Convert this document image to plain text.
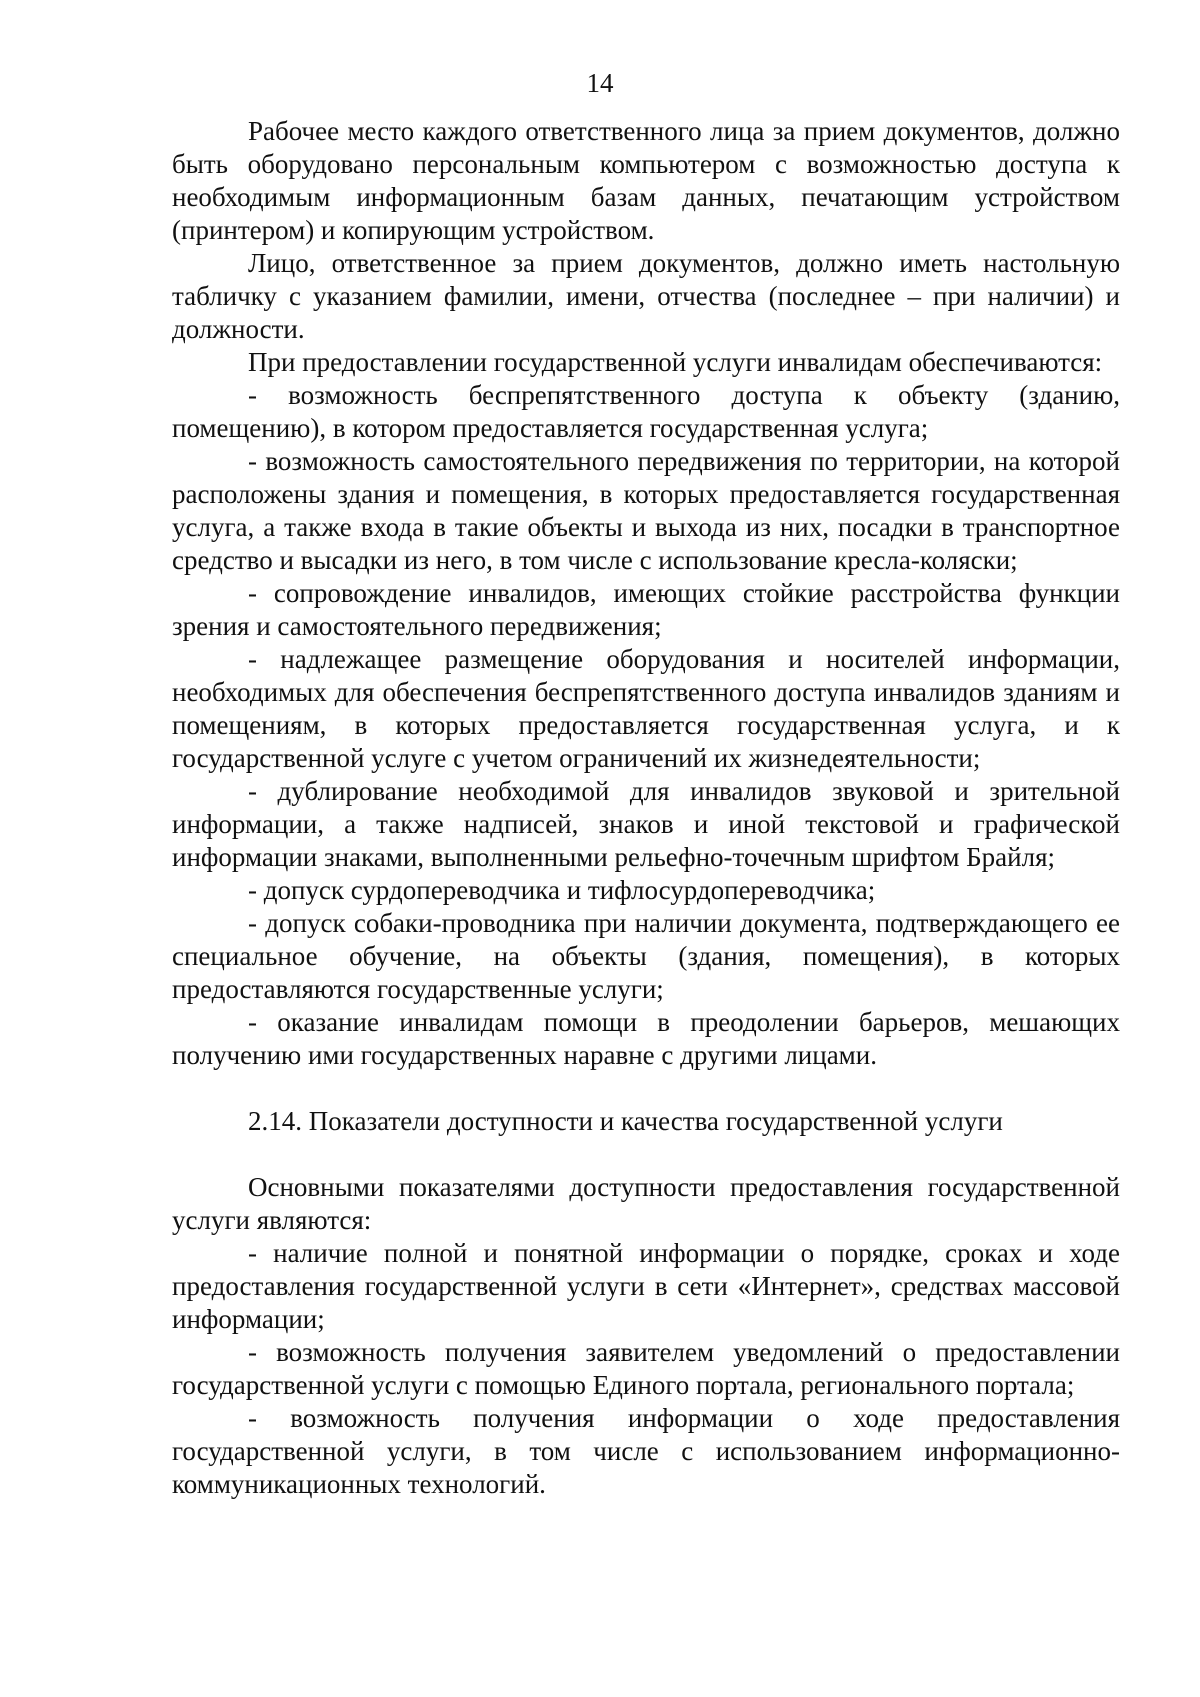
14

Рабочее место каждого ответственного лица за прием документов, должно быть оборудовано персональным компьютером с возможностью доступа к необходимым информационным базам данных, печатающим устройством (принтером) и копирующим устройством.

Лицо, ответственное за прием документов, должно иметь настольную табличку с указанием фамилии, имени, отчества (последнее – при наличии) и должности.

При предоставлении государственной услуги инвалидам обеспечиваются:

- возможность беспрепятственного доступа к объекту (зданию, помещению), в котором предоставляется государственная услуга;

- возможность самостоятельного передвижения по территории, на которой расположены здания и помещения, в которых предоставляется государственная услуга, а также входа в такие объекты и выхода из них, посадки в транспортное средство и высадки из него, в том числе с использование кресла-коляски;

- сопровождение инвалидов, имеющих стойкие расстройства функции зрения и самостоятельного передвижения;

- надлежащее размещение оборудования и носителей информации, необходимых для обеспечения беспрепятственного доступа инвалидов зданиям и помещениям, в которых предоставляется государственная услуга, и к государственной услуге с учетом ограничений их жизнедеятельности;

- дублирование необходимой для инвалидов звуковой и зрительной информации, а также надписей, знаков и иной текстовой и графической информации знаками, выполненными рельефно-точечным шрифтом Брайля;

- допуск сурдопереводчика и тифлосурдопереводчика;

- допуск собаки-проводника при наличии документа, подтверждающего ее специальное обучение, на объекты (здания, помещения), в которых предоставляются государственные услуги;

- оказание инвалидам помощи в преодолении барьеров, мешающих получению ими государственных наравне с другими лицами.

2.14. Показатели доступности и качества государственной услуги

Основными показателями доступности предоставления государственной услуги являются:

- наличие полной и понятной информации о порядке, сроках и ходе предоставления государственной услуги в сети «Интернет», средствах массовой информации;

- возможность получения заявителем уведомлений о предоставлении государственной услуги с помощью Единого портала, регионального портала;

- возможность получения информации о ходе предоставления государственной услуги, в том числе с использованием информационно-коммуникационных технологий.
